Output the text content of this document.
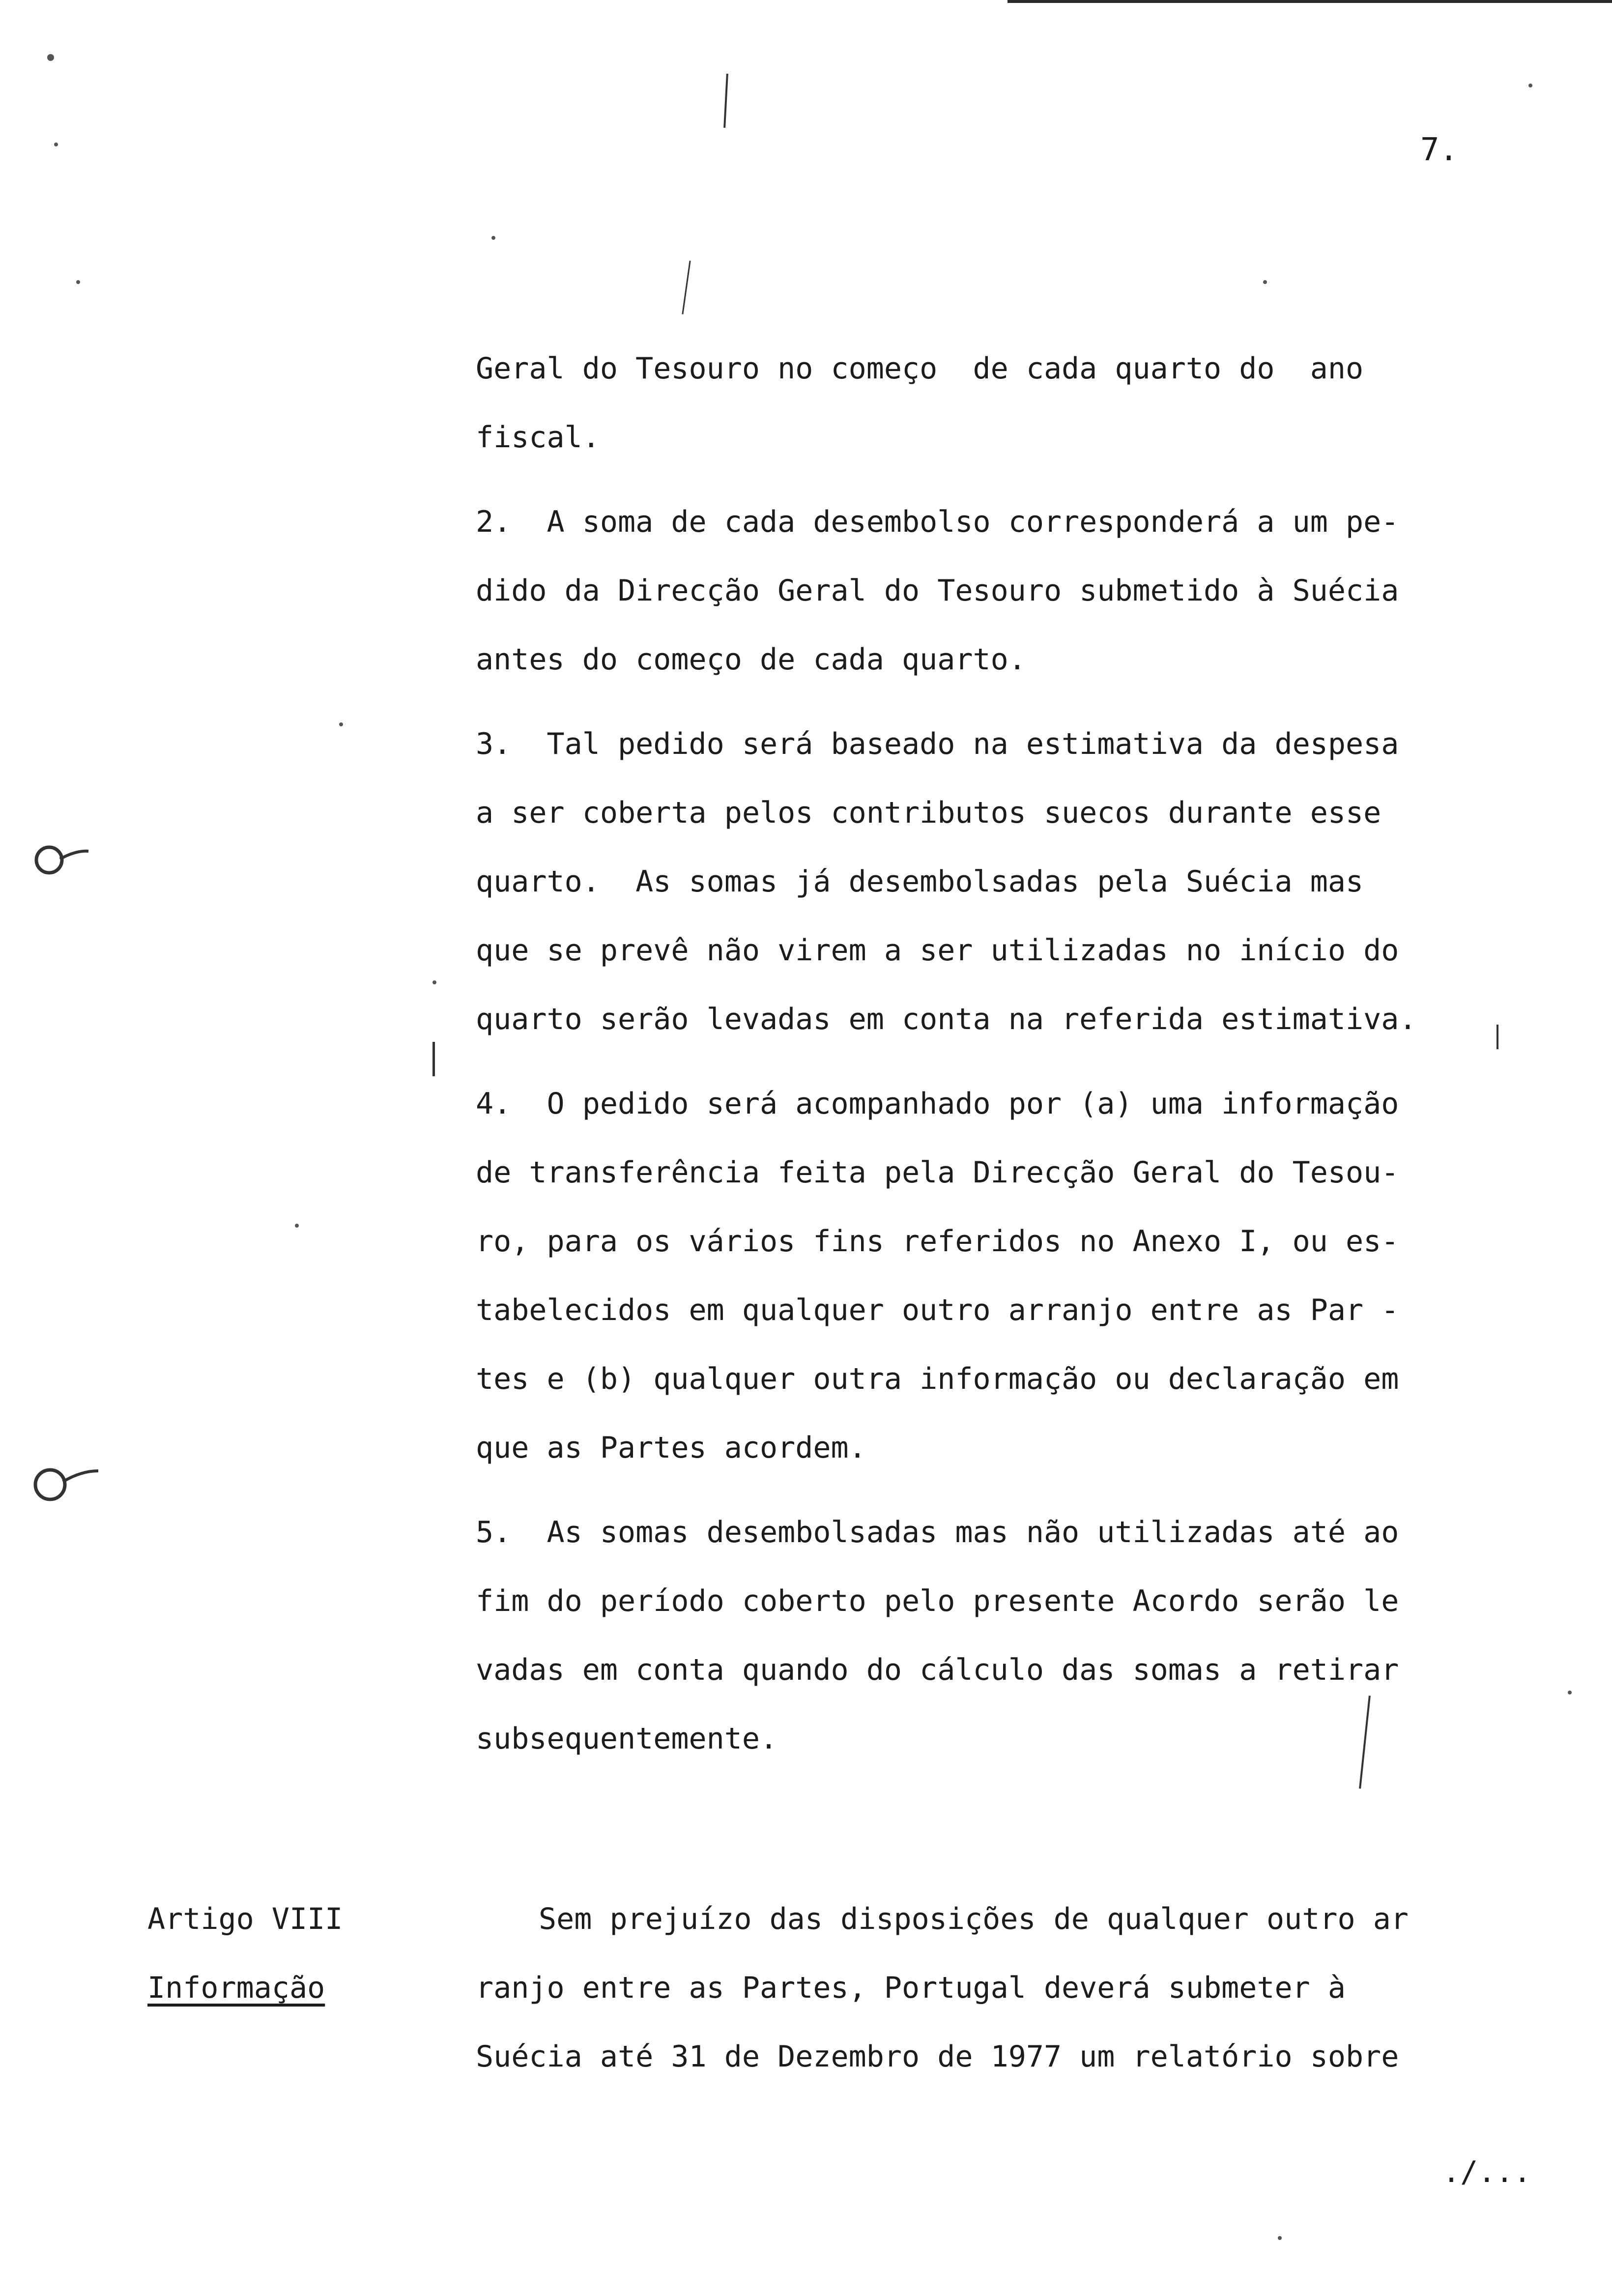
7.
Geral do Tesouro no começo  de cada quarto do  ano
fiscal.
2.  A soma de cada desembolso corresponderá a um pe-
dido da Direcção Geral do Tesouro submetido à Suécia
antes do começo de cada quarto.
3.  Tal pedido será baseado na estimativa da despesa
a ser coberta pelos contributos suecos durante esse
quarto.  As somas já desembolsadas pela Suécia mas
que se prevê não virem a ser utilizadas no início do
quarto serão levadas em conta na referida estimativa.
4.  O pedido será acompanhado por (a) uma informação
de transferência feita pela Direcção Geral do Tesou-
ro, para os vários fins referidos no Anexo I, ou es-
tabelecidos em qualquer outro arranjo entre as Par -
tes e (b) qualquer outra informação ou declaração em
que as Partes acordem.
5.  As somas desembolsadas mas não utilizadas até ao
fim do período coberto pelo presente Acordo serão le
vadas em conta quando do cálculo das somas a retirar
subsequentemente.
Artigo VIII
Informação
Sem prejuízo das disposições de qualquer outro ar
ranjo entre as Partes, Portugal deverá submeter à
Suécia até 31 de Dezembro de 1977 um relatório sobre
./...
